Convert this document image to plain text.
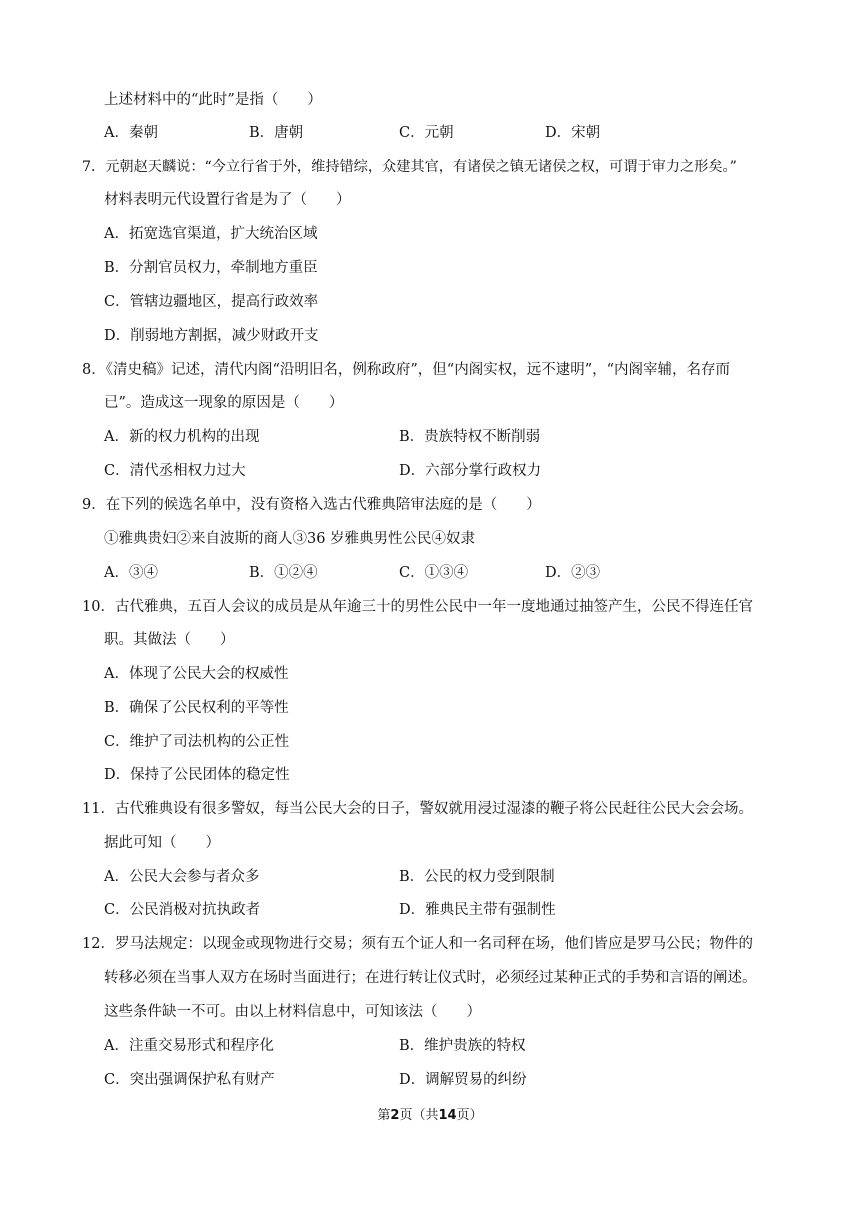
上述材料中的“此时”是指（　　）
A．秦朝	B．唐朝	C．元朝	D．宋朝
7．元朝赵天麟说：“今立行省于外，维持错综，众建其官，有诸侯之镇无诸侯之权，可谓于审力之形矣。”
材料表明元代设置行省是为了（　　）
A．拓宽选官渠道，扩大统治区域
B．分割官员权力，牵制地方重臣
C．管辖边疆地区，提高行政效率
D．削弱地方割据，减少财政开支
8．《清史稿》记述，清代内阁“沿明旧名，例称政府”，但“内阁实权，远不逮明”，“内阁宰辅，名存而
已”。造成这一现象的原因是（　　）
A．新的权力机构的出现	B．贵族特权不断削弱
C．清代丞相权力过大	D．六部分掌行政权力
9．在下列的候选名单中，没有资格入选古代雅典陪审法庭的是（　　）
①雅典贵妇②来自波斯的商人③36 岁雅典男性公民④奴隶
A．③④	B．①②④	C．①③④	D．②③
10．古代雅典，五百人会议的成员是从年逾三十的男性公民中一年一度地通过抽签产生，公民不得连任官
职。其做法（　　）
A．体现了公民大会的权威性
B．确保了公民权利的平等性
C．维护了司法机构的公正性
D．保持了公民团体的稳定性
11．古代雅典设有很多警奴，每当公民大会的日子，警奴就用浸过湿漆的鞭子将公民赶往公民大会会场。
据此可知（　　）
A．公民大会参与者众多	B．公民的权力受到限制
C．公民消极对抗执政者	D．雅典民主带有强制性
12．罗马法规定：以现金或现物进行交易；须有五个证人和一名司秤在场，他们皆应是罗马公民；物件的
转移必须在当事人双方在场时当面进行；在进行转让仪式时，必须经过某种正式的手势和言语的阐述。
这些条件缺一不可。由以上材料信息中，可知该法（　　）
A．注重交易形式和程序化	B．维护贵族的特权
C．突出强调保护私有财产	D．调解贸易的纠纷
第2页（共14页）
